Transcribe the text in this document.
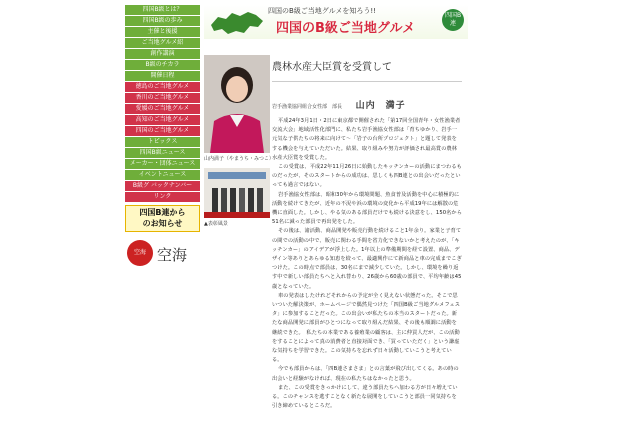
四国B級とは？
四国B級の歩み
主催と後援
ご当地グルメ紹
創作講演
B級のチカラ
開催日程
徳島のご当地グルメ
香川のご当地グルメ
愛媛のご当地グルメ
高知のご当地グルメ
四国のご当地グルメ
トピックス
四国B級ニュース
メーカー・団体ニュース
イベントニュース
B級グ バックナンバー
リンク
四国B連から
のお知らせ
空海 空海
四国のB級ご当地グルメを知ろう!!
四国のB級ご当地グルメ
四国B連
山内満子（やまうち・みつこ）
▲表彰風景
農林水産大臣賞を受賞して
岩手漁業協同組合女性部　部長 山内　満子

平成24年3月1日・2日に東京都で開催された「第17回全国青年・女性漁業者交流大会」地域活性化部門に、私たち岩手漁協女性部は「育ちゆかり、岩手一元気な子供たちの将来に向けて～「岩子の台所プロジェクト」と題して発表をする機会を与えていただいた。結果、取り組みや努力が評価され最高賞の農林水産大臣賞を受賞した。

この受賞は、平成22年11月26日に始動したキッチンカーの活動にまつわるものだったが、そのスタートからの成功は、思しくも四B連との出会いだったといっても過言ではない。

岩手漁協女性部は、昭和30年から環境問題、魚食普及活動を中心に積極的に活動を続けてきたが、近年の不況や浜の環境の変化から平成19年には解散の危機に直面した。しかし、やる気のある部員だけでも続ける決意をし、150名から51名に減った部員で再出発をした。

その後は、諸活動、商品開発や販売行動を続けること1年余り。家業と子育ての間での活動の中で、販売に関わる手間を省力化できないかと考えたのが、「キッチンカー」のアイデアが浮上した。1年以上の準備期間を経て設置、商品、デザイン等ありとあらゆる知恵を絞って、最適興作にて新商品と車の完成までこぎつけた。この時点で部員は、30名にまで減少していた。しかし、環境を繰り返す中で新しい部員たちへと入れ替わり、26歳から60歳の部員で、平均年齢は45歳となっていた。

車の発表はしたけれどそれからの予定が全く見えない状態だった。そこで思いついた解決策が、ホームページで偶然見つけた「四国B級ご当地グルメフェスタ」に参加することだった。この出会いが私たちの本当のスタートだった。新たな商品開発に部員がひとつになって取り組んだ結果、その後も順調に活動を継続できた。　私たちの本業である養殖業の顧客は、主に仲買人だが、この活動をすることによって真の消費者と直接対面でき、「買っていただく」という謙虚な気持ちを学習できた。この気持ちを忘れず日々活動していこうと考えている。

今でも部員からは、「四B連さまさま」との言葉が飛び出してくる。あの時の出会いと経験がなければ、現在の私たちはなかったと思う。

また、この受賞をきっかけにして、違う部員たちへ加わる方が日々増えている。このチャンスを逃すことなく新たな展開をしていこうと部員一同気持ちを引き締めているところだ。
